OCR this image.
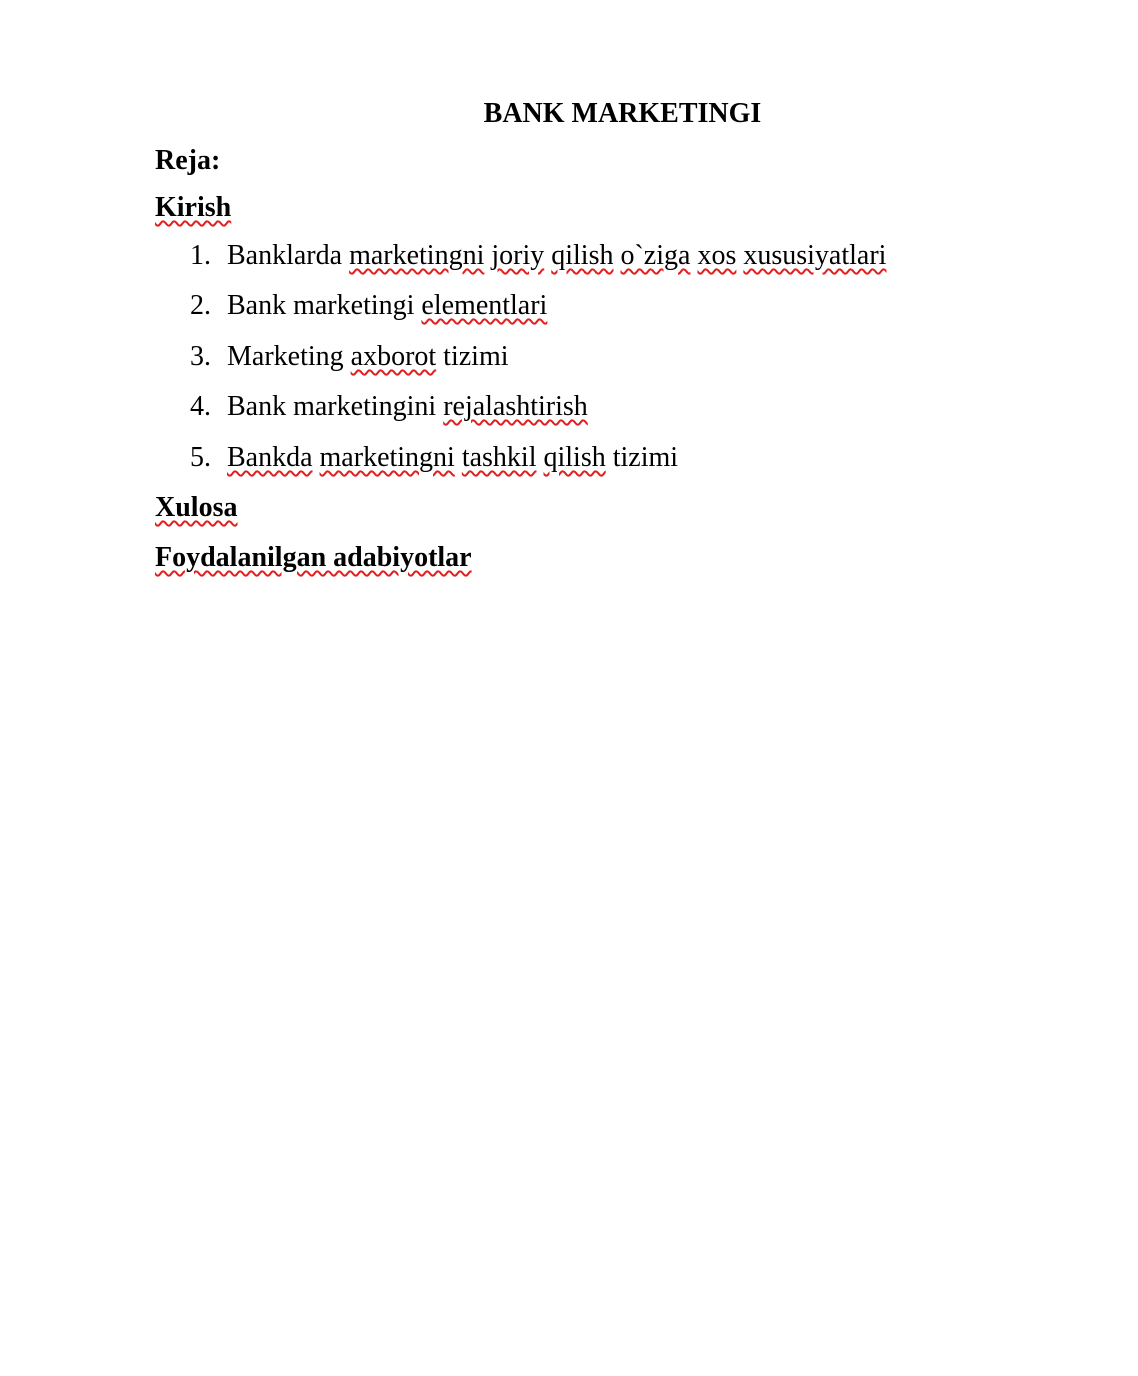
BANK MARKETINGI
Reja:
Kirish
1. Banklarda marketingni joriy qilish o`ziga xos xususiyatlari
2. Bank marketingi elementlari
3. Marketing axborot tizimi
4. Bank marketingini rejalashtirish
5. Bankda marketingni tashkil qilish tizimi
Xulosa
Foydalanilgan adabiyotlar
